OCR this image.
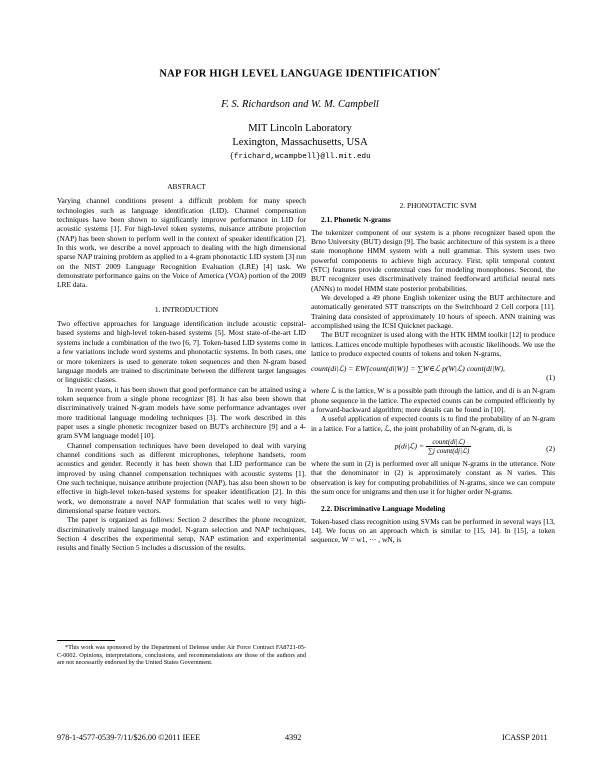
NAP FOR HIGH LEVEL LANGUAGE IDENTIFICATION*
F. S. Richardson and W. M. Campbell
MIT Lincoln Laboratory
Lexington, Massachusetts, USA
{frichard,wcampbell}@ll.mit.edu

ABSTRACT

Varying channel conditions present a difficult problem for many speech technologies such as language identification (LID). Channel compensation techniques have been shown to significantly improve performance in LID for acoustic systems [1]. For high-level token systems, nuisance attribute projection (NAP) has been shown to perform well in the context of speaker identification [2]. In this work, we describe a novel approach to dealing with the high dimensional sparse NAP training problem as applied to a 4-gram phonotactic LID system [3] run on the NIST 2009 Language Recognition Evaluation (LRE) [4] task. We demonstrate performance gains on the Voice of America (VOA) portion of the 2009 LRE data.

1. INTRODUCTION

Two effective approaches for language identification include acoustic cepstral-based systems and high-level token-based systems [5]. Most state-of-the-art LID systems include a combination of the two [6, 7]. Token-based LID systems come in a few variations include word systems and phonotactic systems. In both cases, one or more tokenizers is used to generate token sequences and then N-gram based language models are trained to discriminate between the different target languages or linguistic classes.

In recent years, it has been shown that good performance can be attained using a token sequence from a single phone recognizer [8]. It has also been shown that discriminatively trained N-gram models have some performance advantages over more traditional language modeling techniques [3]. The work described in this paper uses a single phonetic recognizer based on BUT's architecture [9] and a 4-gram SVM language model [10].

Channel compensation techniques have been developed to deal with varying channel conditions such as different microphones, telephone handsets, room acoustics and gender. Recently it has been shown that LID performance can be improved by using channel compensation techniques with acoustic systems [1]. One such technique, nuisance attribute projection (NAP), has also been shown to be effective in high-level token-based systems for speaker identification [2]. In this work, we demonstrate a novel NAP formulation that scales well to very high-dimensional sparse feature vectors.

The paper is organized as follows: Section 2 describes the phone recognizer, discriminatively trained language model, N-gram selection and NAP techniques, Section 4 describes the experimental setup, NAP estimation and experimental results and finally Section 5 includes a discussion of the results.

*This work was sponsored by the Department of Defense under Air Force Contract FA8721-05-C-0002. Opinions, interpretations, conclusions, and recommendations are those of the authors and are not necessarily endorsed by the United States Government.

2. PHONOTACTIC SVM

2.1. Phonetic N-grams

The tokenizer component of our system is a phone recognizer based upon the Brno University (BUT) design [9]. The basic architecture of this system is a three state monophone HMM system with a null grammar. This system uses two powerful components to achieve high accuracy. First, split temporal context (STC) features provide contextual cues for modeling monophones. Second, the BUT recognizer uses discriminatively trained feedforward artificial neural nets (ANNs) to model HMM state posterior probabilities.

We developed a 49 phone English tokenizer using the BUT architecture and automatically generated STT transcripts on the Switchboard 2 Cell corpora [11]. Training data consisted of approximately 10 hours of speech. ANN training was accomplished using the ICSI Quicknet package.

The BUT recognizer is used along with the HTK HMM toolkit [12] to produce lattices. Lattices encode multiple hypotheses with acoustic likelihoods. We use the lattice to produce expected counts of tokens and token N-grams,

count(di|ℒ) = EW[count(di|W)] = ∑W∈ℒ p(W|ℒ) count(di|W),
(1)

where ℒ is the lattice, W is a possible path through the lattice, and di is an N-gram phone sequence in the lattice. The expected counts can be computed efficiently by a forward-backward algorithm; more details can be found in [10].

A useful application of expected counts is to find the probability of an N-gram in a lattice. For a lattice, ℒ, the joint probability of an N-gram, di, is

p(di|ℒ) = $\frac{\text{count(di|ℒ)}}{\text{∑j count(dj|ℒ)}}$	(2)

where the sum in (2) is performed over all unique N-grams in the utterance. Note that the denominator in (2) is approximately constant as N varies. This observation is key for computing probabilities of N-grams, since we can compute the sum once for unigrams and then use it for higher order N-grams.

2.2. Discriminative Language Modeling

Token-based class recognition using SVMs can be performed in several ways [13, 14]. We focus on an approach which is similar to [15, 14]. In [15], a token sequence, W = w1, ··· , wN, is

978-1-4577-0539-7/11/$26.00 ©2011 IEEE	4392	ICASSP 2011
